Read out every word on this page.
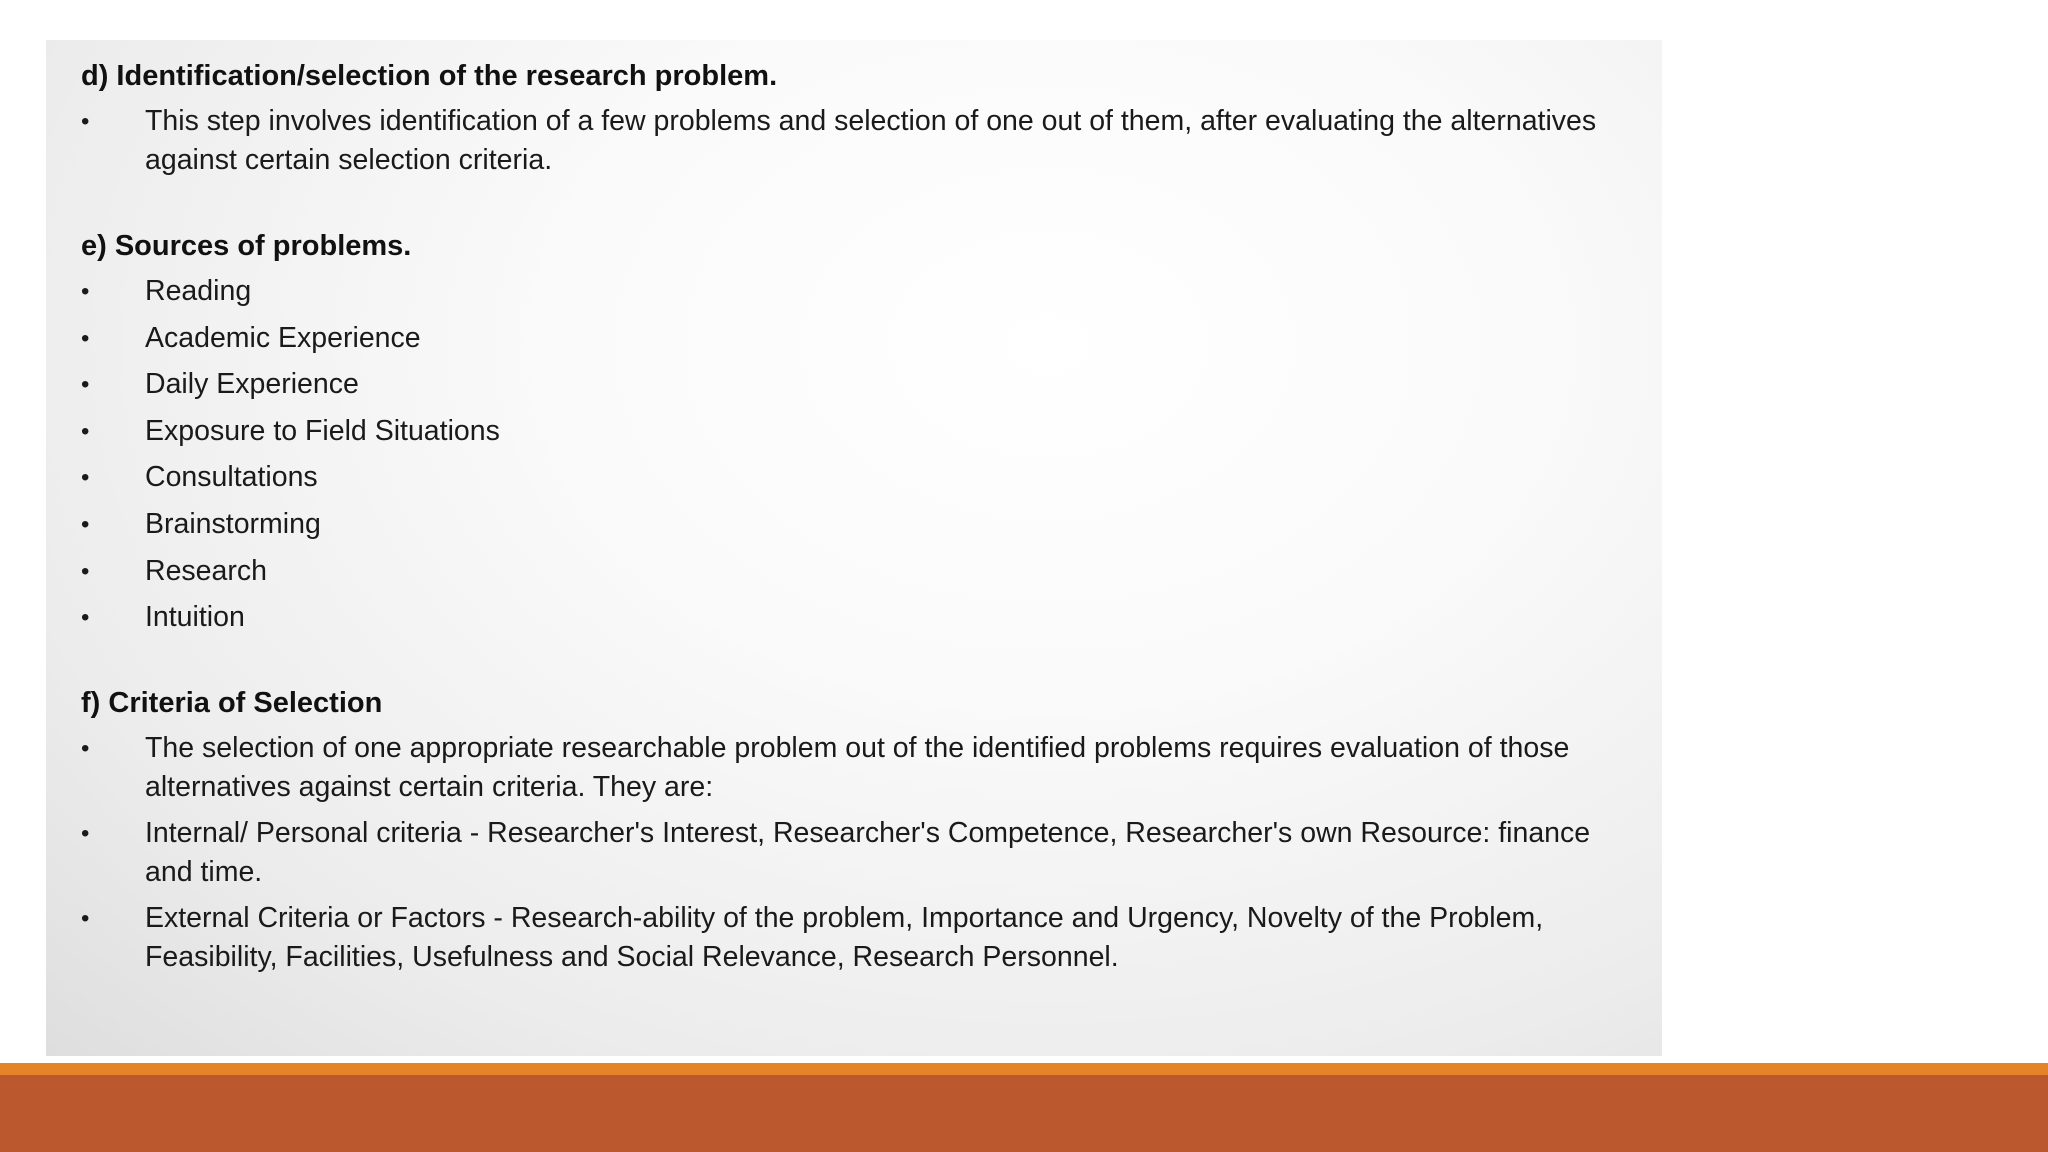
d) Identification/selection of the research problem.
•	This step involves identification of a few problems and selection of one out of them, after evaluating the alternatives against certain selection criteria.
e) Sources of problems.
•	Reading
•	Academic Experience
•	Daily Experience
•	Exposure to Field Situations
•	Consultations
•	Brainstorming
•	Research
•	Intuition
f) Criteria of Selection
•	The selection of one appropriate researchable problem out of the identified problems requires evaluation of those alternatives against certain criteria. They are:
•	Internal/ Personal criteria - Researcher's Interest, Researcher's Competence, Researcher's own Resource: finance and time.
•	External Criteria or Factors - Research-ability of the problem, Importance and Urgency, Novelty of the Problem, Feasibility, Facilities, Usefulness and Social Relevance, Research Personnel.
